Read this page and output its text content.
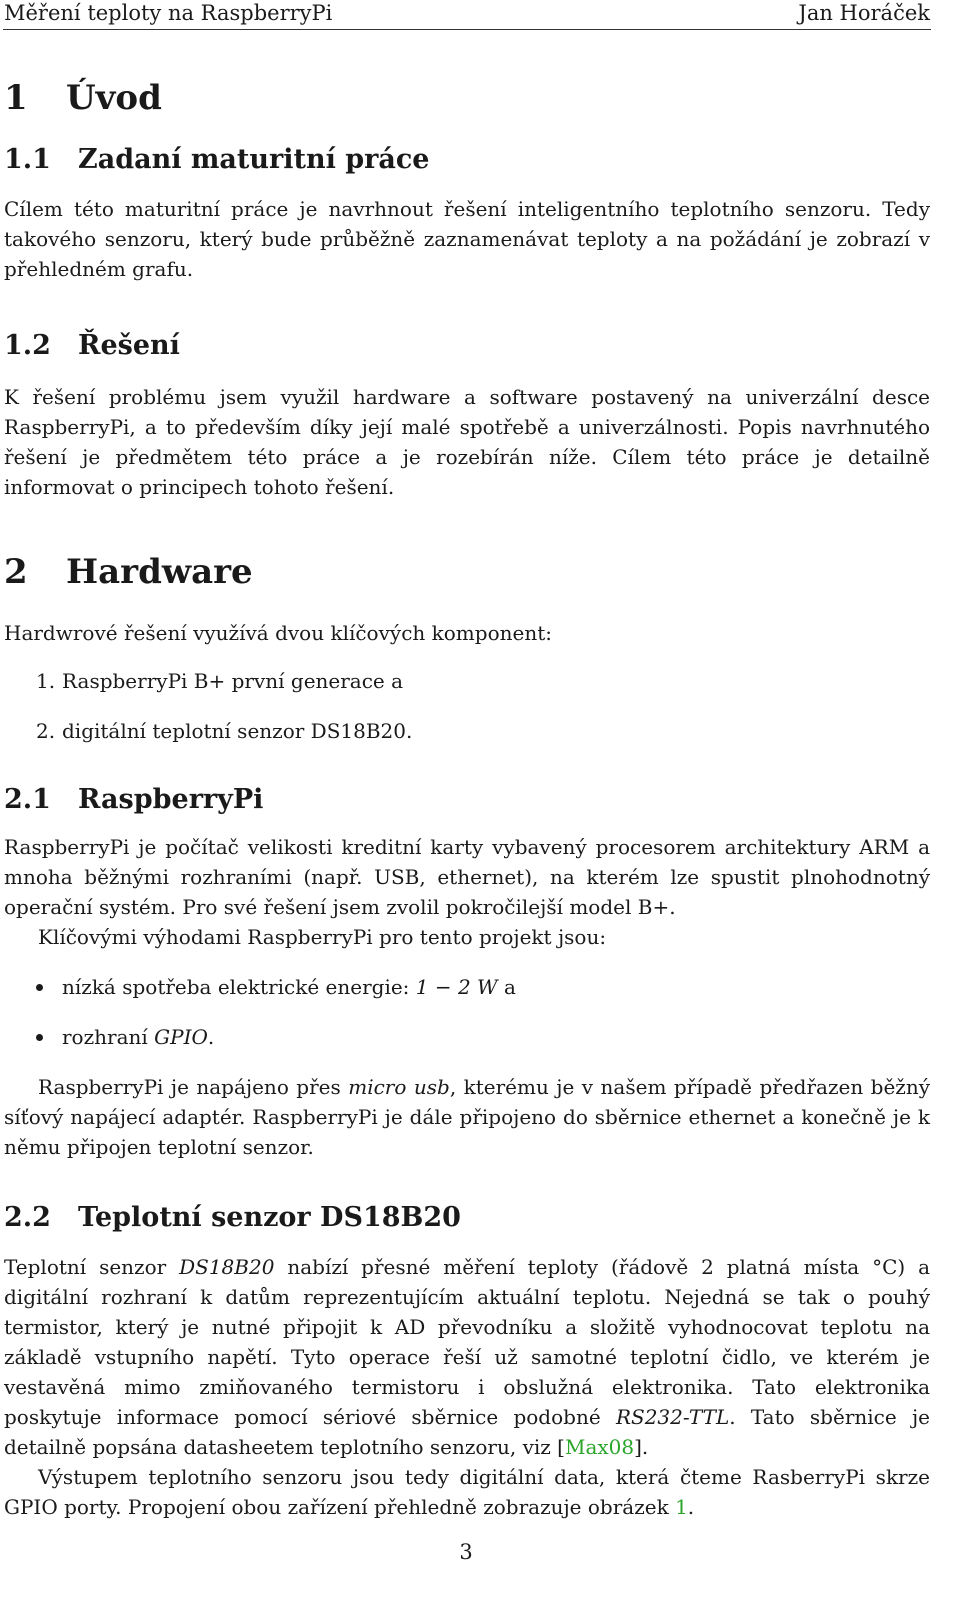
Měření teploty na RaspberryPi	Jan Horáček
1 Úvod
1.1 Zadaní maturitní práce

Cílem této maturitní práce je navrhnout řešení inteligentního teplotního senzoru. Tedy takového senzoru, který bude průběžně zaznamenávat teploty a na požádání je zobrazí v přehledném grafu.

1.2 Řešení

K řešení problému jsem využil hardware a software postavený na univerzální desce RaspberryPi, a to především díky její malé spotřebě a univerzálnosti. Popis navrhnutého řešení je předmětem této práce a je rozebírán níže. Cílem této práce je detailně informovat o principech tohoto řešení.

2 Hardware

Hardwrové řešení využívá dvou klíčových komponent:

1. RaspberryPi B+ první generace a
2. digitální teplotní senzor DS18B20.
2.1 RaspberryPi

RaspberryPi je počítač velikosti kreditní karty vybavený procesorem architektury ARM a mnoha běžnými rozhraními (např. USB, ethernet), na kterém lze spustit plnohodnotný operační systém. Pro své řešení jsem zvolil pokročilejší model B+.

Klíčovými výhodami RaspberryPi pro tento projekt jsou:

nízká spotřeba elektrické energie: 1 − 2 W a
rozhraní GPIO.

RaspberryPi je napájeno přes micro usb, kterému je v našem případě předřazen běžný síťový napájecí adaptér. RaspberryPi je dále připojeno do sběrnice ethernet a konečně je k němu připojen teplotní senzor.

2.2 Teplotní senzor DS18B20

Teplotní senzor DS18B20 nabízí přesné měření teploty (řádově 2 platná místa °C) a digitální rozhraní k datům reprezentujícím aktuální teplotu. Nejedná se tak o pouhý termistor, který je nutné připojit k AD převodníku a složitě vyhodnocovat teplotu na základě vstupního napětí. Tyto operace řeší už samotné teplotní čidlo, ve kterém je vestavěná mimo zmiňovaného termistoru i obslužná elektronika. Tato elektronika poskytuje informace pomocí sériové sběrnice podobné RS232-TTL. Tato sběrnice je detailně popsána datasheetem teplotního senzoru, viz [Max08].

Výstupem teplotního senzoru jsou tedy digitální data, která čteme RasberryPi skrze GPIO porty. Propojení obou zařízení přehledně zobrazuje obrázek 1.

3
